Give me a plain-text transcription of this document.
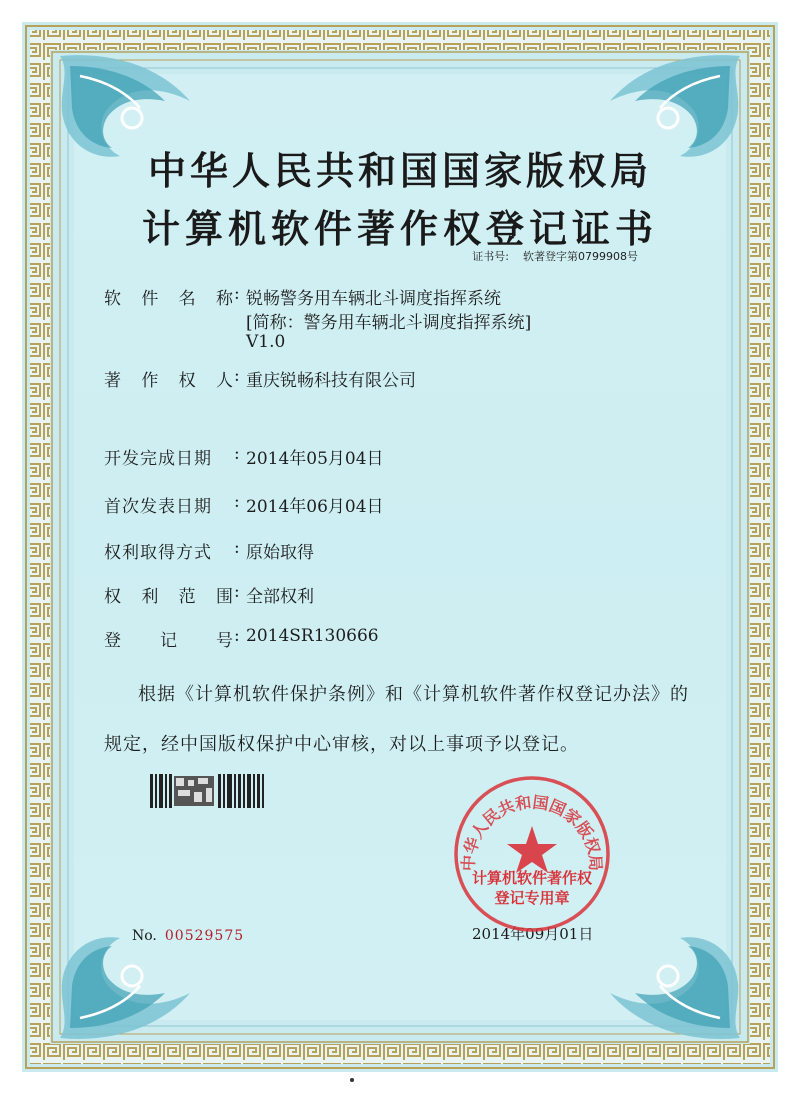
中华人民共和国国家版权局
计算机软件著作权登记证书
证书号: 软著登字第0799908号
软 件 名 称 : 锐畅警务用车辆北斗调度指挥系统
[简称：警务用车辆北斗调度指挥系统]
V1.0
著 作 权 人 : 重庆锐畅科技有限公司
开发完成日期	: 2014年05月04日
首次发表日期	: 2014年06月04日
权利取得方式	: 原始取得
权 利 范 围 : 全部权利
登 记 号 : 2014SR130666
根据《计算机软件保护条例》和《计算机软件著作权登记办法》的
规定，经中国版权保护中心审核，对以上事项予以登记。
No. 00529575	2014年09月01日
中华人民共和国国家版权局
计算机软件著作权
登记专用章
